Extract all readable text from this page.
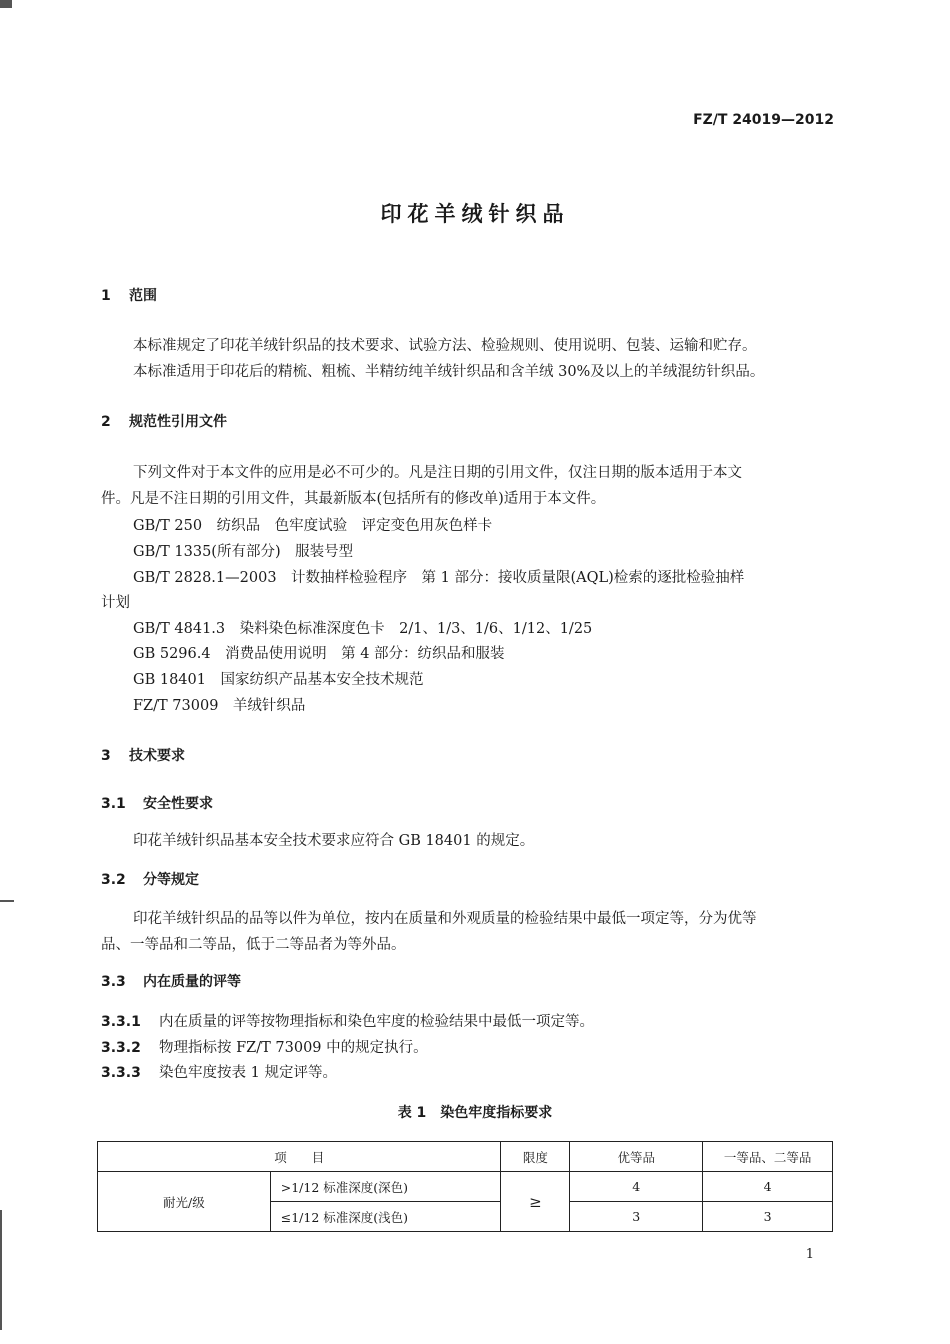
FZ/T 24019—2012
印花羊绒针织品
1 范围
本标准规定了印花羊绒针织品的技术要求、试验方法、检验规则、使用说明、包装、运输和贮存。
本标准适用于印花后的精梳、粗梳、半精纺纯羊绒针织品和含羊绒 30%及以上的羊绒混纺针织品。
2 规范性引用文件
下列文件对于本文件的应用是必不可少的。凡是注日期的引用文件，仅注日期的版本适用于本文
件。凡是不注日期的引用文件，其最新版本(包括所有的修改单)适用于本文件。
GB/T 250　纺织品　色牢度试验　评定变色用灰色样卡
GB/T 1335(所有部分)　服装号型
GB/T 2828.1—2003　计数抽样检验程序　第 1 部分：接收质量限(AQL)检索的逐批检验抽样
计划
GB/T 4841.3　染料染色标准深度色卡　2/1、1/3、1/6、1/12、1/25
GB 5296.4　消费品使用说明　第 4 部分：纺织品和服装
GB 18401　国家纺织产品基本安全技术规范
FZ/T 73009　羊绒针织品
3 技术要求
3.1 安全性要求
印花羊绒针织品基本安全技术要求应符合 GB 18401 的规定。
3.2 分等规定
印花羊绒针织品的品等以件为单位，按内在质量和外观质量的检验结果中最低一项定等，分为优等
品、一等品和二等品，低于二等品者为等外品。
3.3 内在质量的评等
3.3.1 内在质量的评等按物理指标和染色牢度的检验结果中最低一项定等。
3.3.2 物理指标按 FZ/T 73009 中的规定执行。
3.3.3 染色牢度按表 1 规定评等。
表 1　染色牢度指标要求
项　　目		限度	优等品	一等品、二等品
耐光/级	>1/12 标准深度(深色)	≥	4	4
	≤1/12 标准深度(浅色)		3	3
1
